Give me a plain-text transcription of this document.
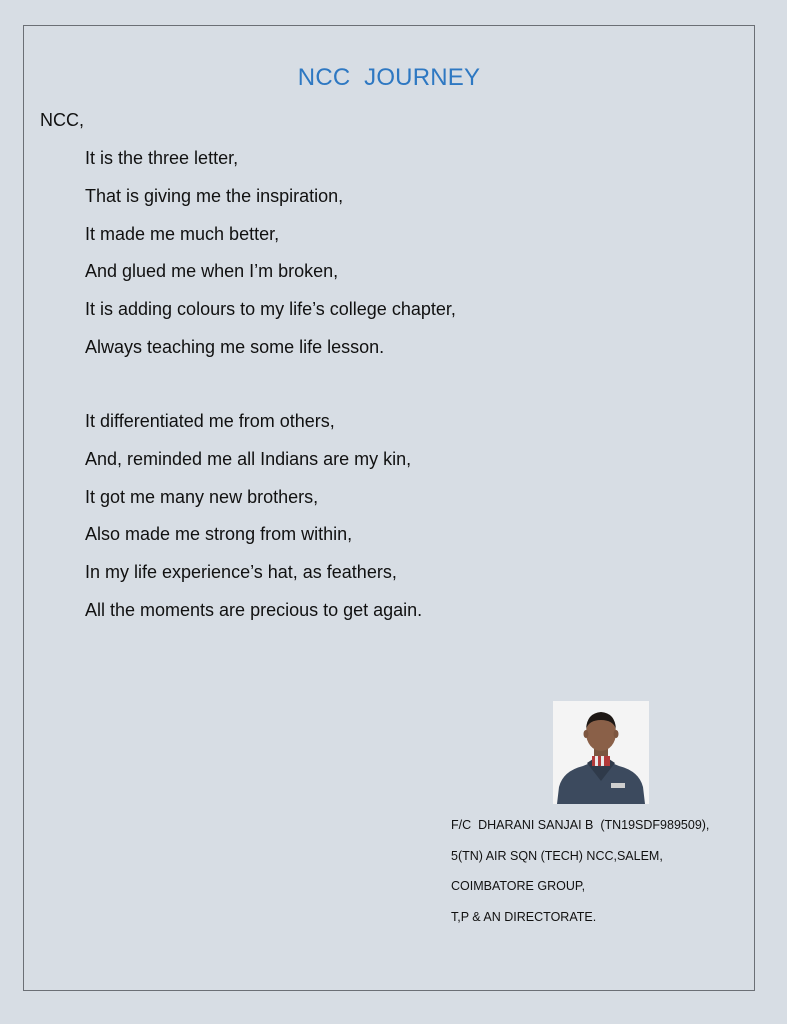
NCC  JOURNEY
NCC,
It is the three letter,
That is giving me the inspiration,
It made me much better,
And glued me when I’m broken,
It is adding colours to my life’s college chapter,
Always teaching me some life lesson.
It differentiated me from others,
And, reminded me all Indians are my kin,
It got me many new brothers,
Also made me strong from within,
In my life experience’s hat, as feathers,
All the moments are precious to get again.
F/C  DHARANI SANJAI B  (TN19SDF989509),
5(TN) AIR SQN (TECH) NCC,SALEM,
COIMBATORE GROUP,
T,P & AN DIRECTORATE.
